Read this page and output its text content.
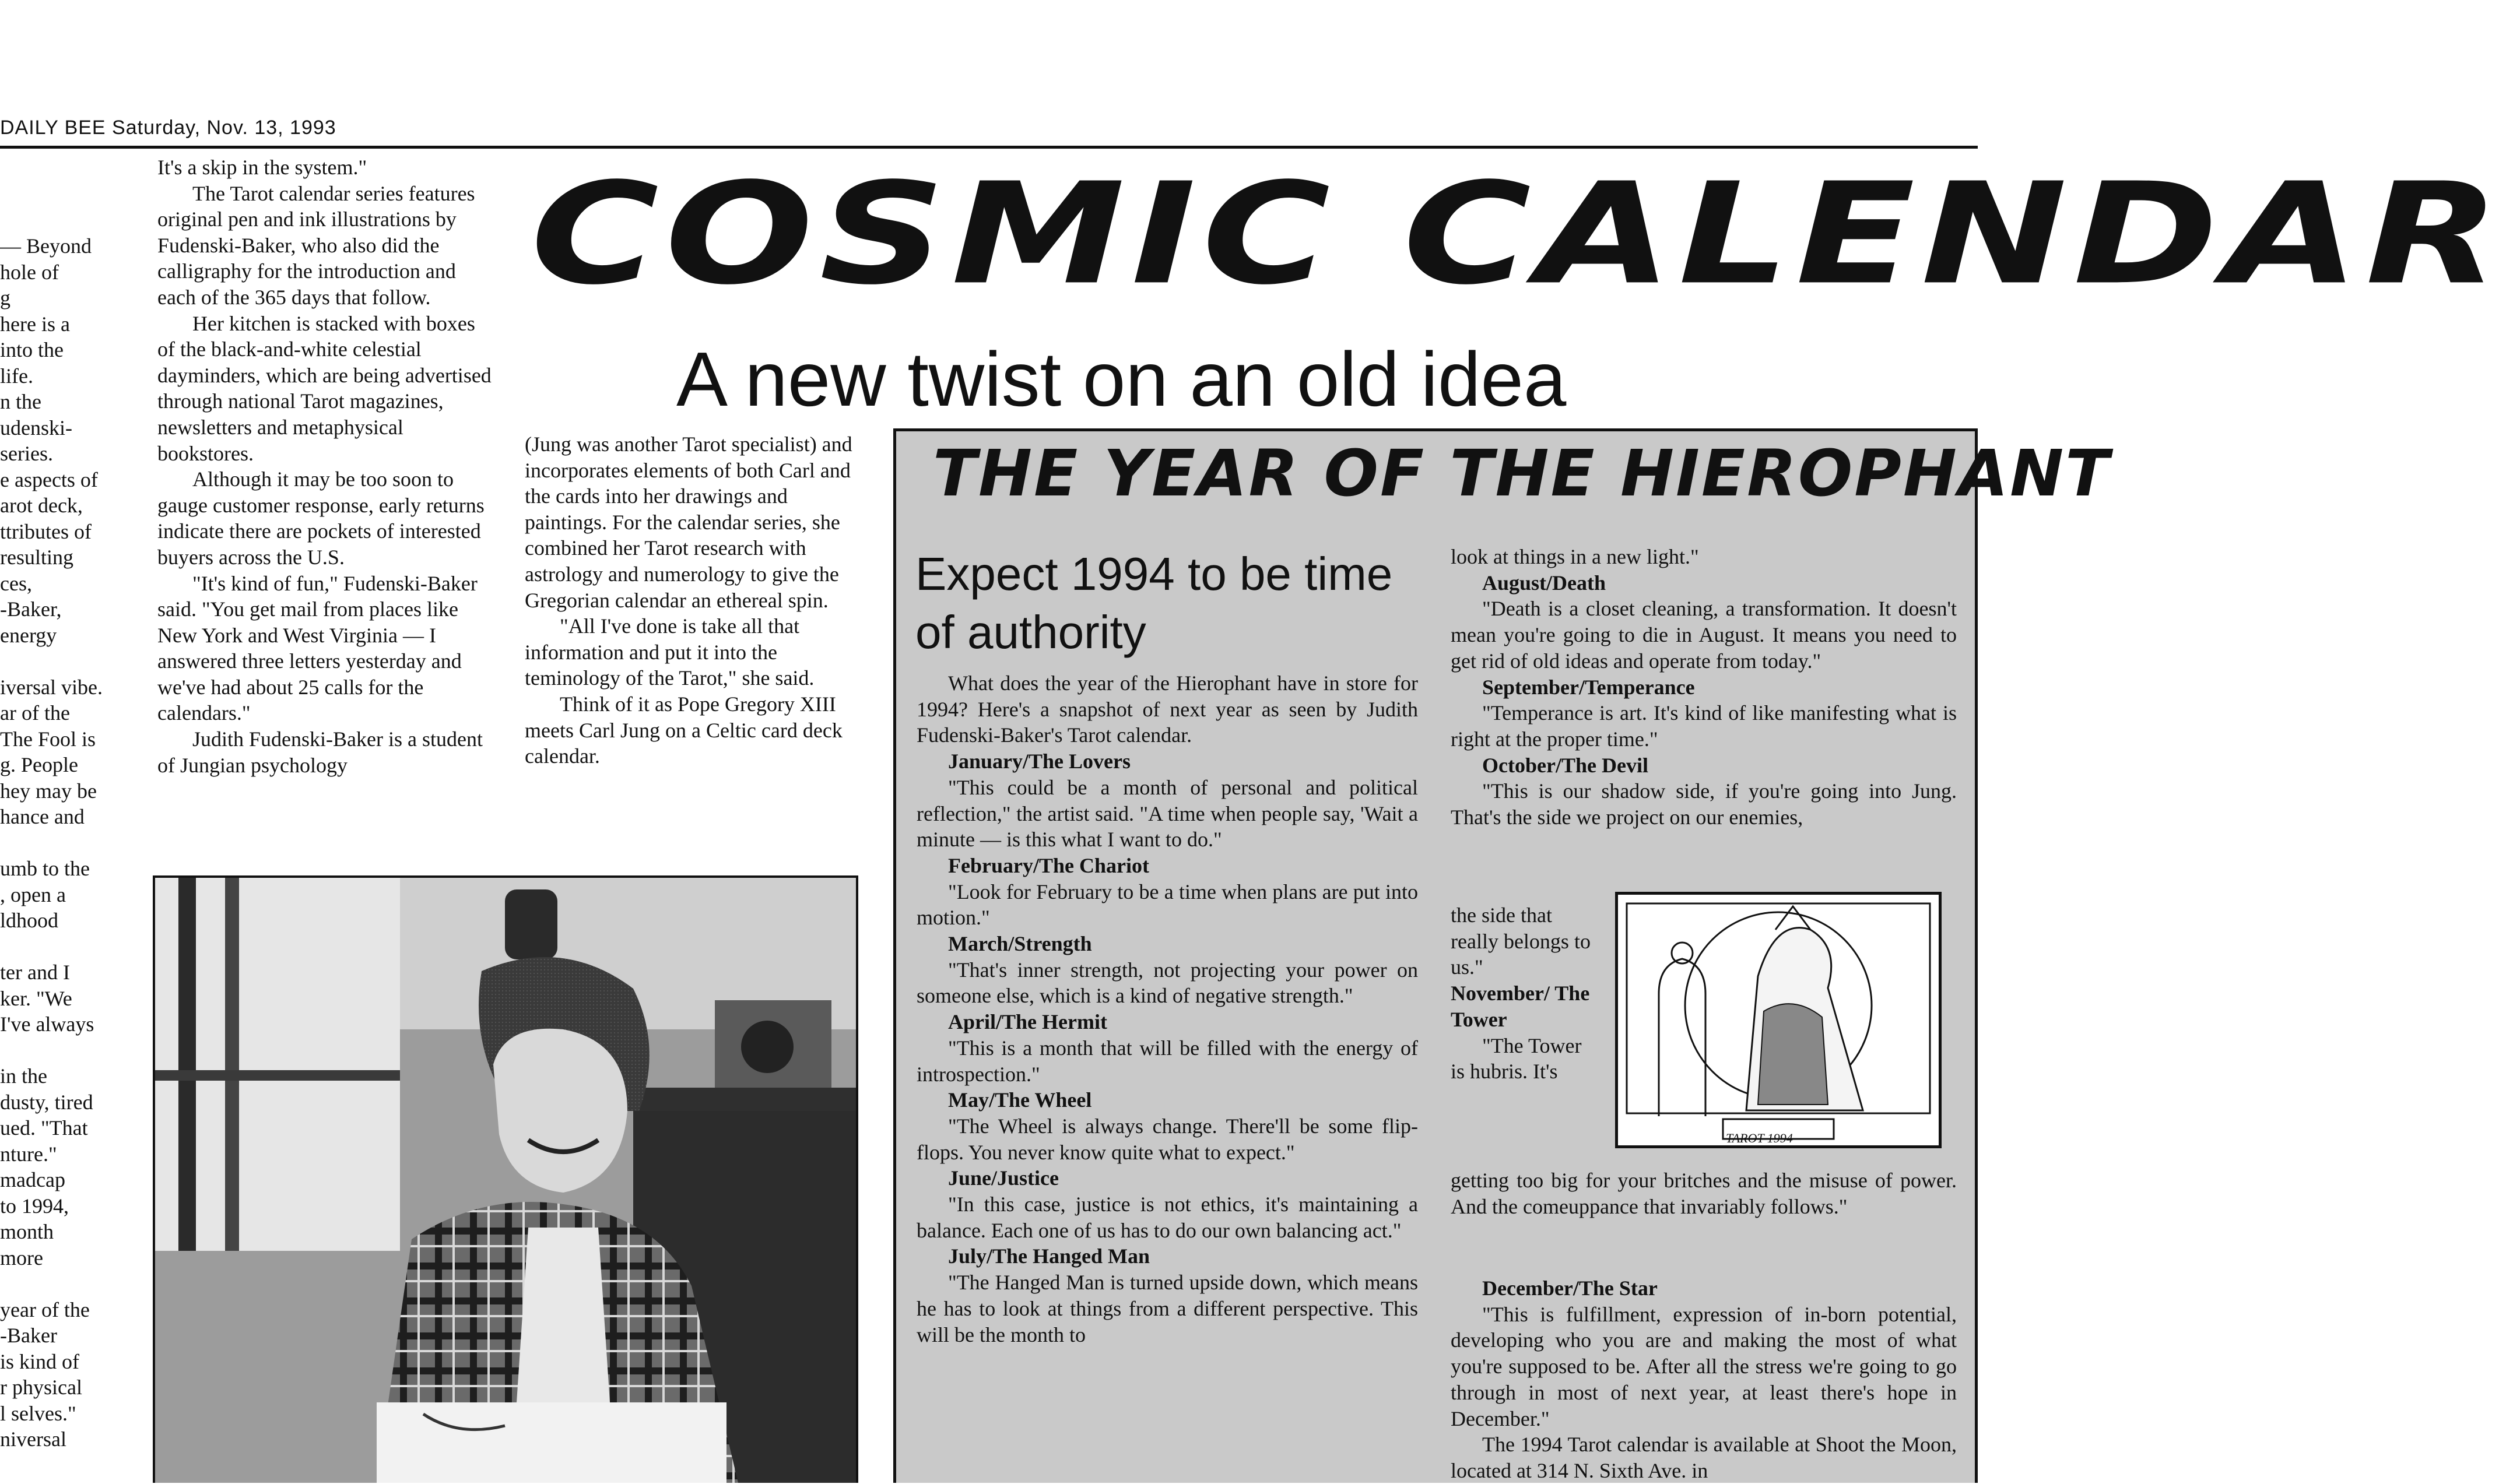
DAILY BEE Saturday, Nov. 13, 1993
— Beyond
hole of
g
here is a
into the
life.
n the
udenski-
series.
e aspects of
arot deck,
ttributes of
resulting
ces,
-Baker,
energy
iversal vibe.
ar of the
The Fool is
g. People
hey may be
hance and
umb to the
, open a
ldhood
ter and I
ker. "We
I've always
in the
dusty, tired
ued. "That
nture."
madcap
to 1994,
month
more
year of the
-Baker
is kind of
r physical
l selves."
niversal

It's a skip in the system."

The Tarot calendar series features original pen and ink illustrations by Fudenski-Baker, who also did the calligraphy for the introduction and each of the 365 days that follow.

Her kitchen is stacked with boxes of the black-and-white celestial dayminders, which are being advertised through national Tarot magazines, newsletters and metaphysical bookstores.

Although it may be too soon to gauge customer response, early returns indicate there are pockets of interested buyers across the U.S.

"It's kind of fun," Fudenski-Baker said. "You get mail from places like New York and West Virginia — I answered three letters yesterday and we've had about 25 calls for the calendars."

Judith Fudenski-Baker is a student of Jungian psychology

COSMIC CALENDAR
A new twist on an old idea

(Jung was another Tarot specialist) and incorporates elements of both Carl and the cards into her drawings and paintings. For the calendar series, she combined her Tarot research with astrology and numerology to give the Gregorian calendar an ethereal spin.

"All I've done is take all that information and put it into the teminology of the Tarot," she said.

Think of it as Pope Gregory XIII meets Carl Jung on a Celtic card deck calendar.

THE YEAR OF THE HIEROPHANT
Expect 1994 to be time of authority

What does the year of the Hierophant have in store for 1994? Here's a snapshot of next year as seen by Judith Fudenski-Baker's Tarot calendar.

January/The Lovers

"This could be a month of personal and political reflection," the artist said. "A time when people say, 'Wait a minute — is this what I want to do."

February/The Chariot

"Look for February to be a time when plans are put into motion."

March/Strength

"That's inner strength, not projecting your power on someone else, which is a kind of negative strength."

April/The Hermit

"This is a month that will be filled with the energy of introspection."

May/The Wheel

"The Wheel is always change. There'll be some flip-flops. You never know quite what to expect."

June/Justice

"In this case, justice is not ethics, it's maintaining a balance. Each one of us has to do our own balancing act."

July/The Hanged Man

"The Hanged Man is turned upside down, which means he has to look at things from a different perspective. This will be the month to

look at things in a new light."

August/Death

"Death is a closet cleaning, a transformation. It doesn't mean you're going to die in August. It means you need to get rid of old ideas and operate from today."

September/Temperance

"Temperance is art. It's kind of like manifesting what is right at the proper time."

October/The Devil

"This is our shadow side, if you're going into Jung. That's the side we project on our enemies,

the side that really belongs to us."

November/ The Tower

"The Tower is hubris. It's

getting too big for your britches and the misuse of power. And the comeuppance that invariably follows."

December/The Star

"This is fulfillment, expression of in-born potential, developing who you are and making the most of what you're supposed to be. After all the stress we're going to go through in most of next year, at least there's hope in December."

The 1994 Tarot calendar is available at Shoot the Moon, located at 314 N. Sixth Ave. in

TAROT 1994
